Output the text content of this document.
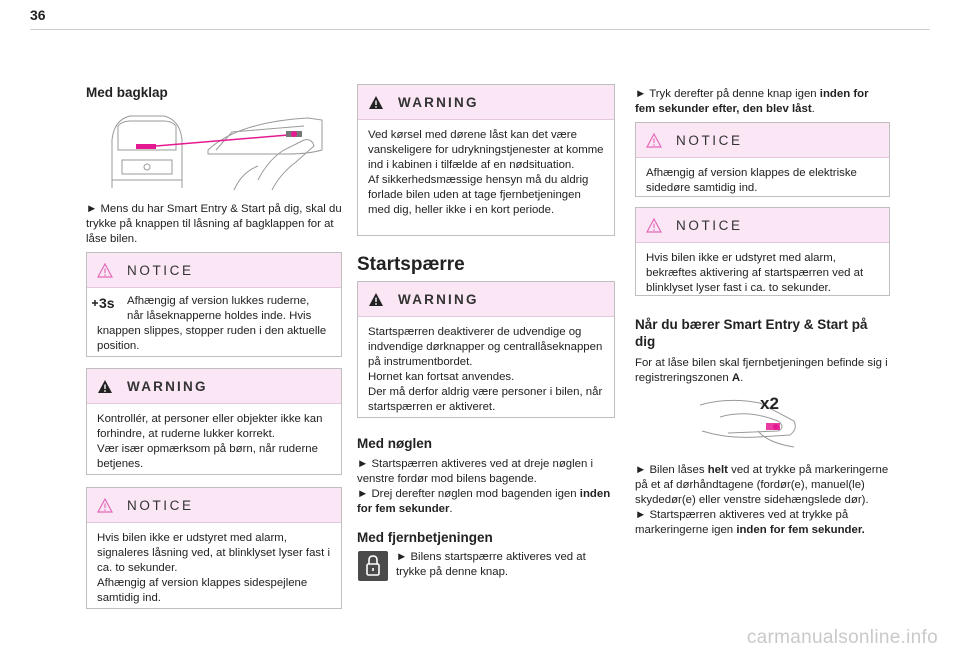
36
Med bagklap

► Mens du har Smart Entry & Start på dig, skal du trykke på knappen til låsning af bagklappen for at låse bilen.

NOTICE
3s	Afhængig af version lukkes ruderne,

når låseknapperne holdes inde. Hvis

knappen slippes, stopper ruden i den aktuelle position.

WARNING

Kontrollér, at personer eller objekter ikke kan forhindre, at ruderne lukker korrekt.

Vær især opmærksom på børn, når ruderne betjenes.

NOTICE

Hvis bilen ikke er udstyret med alarm, signaleres låsning ved, at blinklyset lyser fast i ca. to sekunder.

Afhængig af version klappes sidespejlene samtidig ind.

WARNING

Ved kørsel med dørene låst kan det være vanskeligere for udrykningstjenester at komme ind i kabinen i tilfælde af en nødsituation.

Af sikkerhedsmæssige hensyn må du aldrig forlade bilen uden at tage fjernbetjeningen med dig, heller ikke i en kort periode.

Startspærre
WARNING

Startspærren deaktiverer de udvendige og indvendige dørknapper og centrallåseknappen på instrumentbordet.

Hornet kan fortsat anvendes.

Der må derfor aldrig være personer i bilen, når startspærren er aktiveret.

Med nøglen

► Startspærren aktiveres ved at dreje nøglen i venstre fordør mod bilens bagende.

► Drej derefter nøglen mod bagenden igen inden for fem sekunder.

Med fjernbetjeningen

► Bilens startspærre aktiveres ved at trykke på denne knap.

► Tryk derefter på denne knap igen inden for fem sekunder efter, den blev låst.

NOTICE

Afhængig af version klappes de elektriske sidedøre samtidig ind.

NOTICE

Hvis bilen ikke er udstyret med alarm, bekræftes aktivering af startspærren ved at blinklyset lyser fast i ca. to sekunder.

Når du bærer Smart Entry & Start på dig

For at låse bilen skal fjernbetjeningen befinde sig i registreringszonen A.

x2

► Bilen låses helt ved at trykke på markeringerne på et af dørhåndtagene (fordør(e), manuel(le) skydedør(e) eller venstre sidehængslede dør).

► Startspærren aktiveres ved at trykke på markeringerne igen inden for fem sekunder.

carmanualsonline.info
